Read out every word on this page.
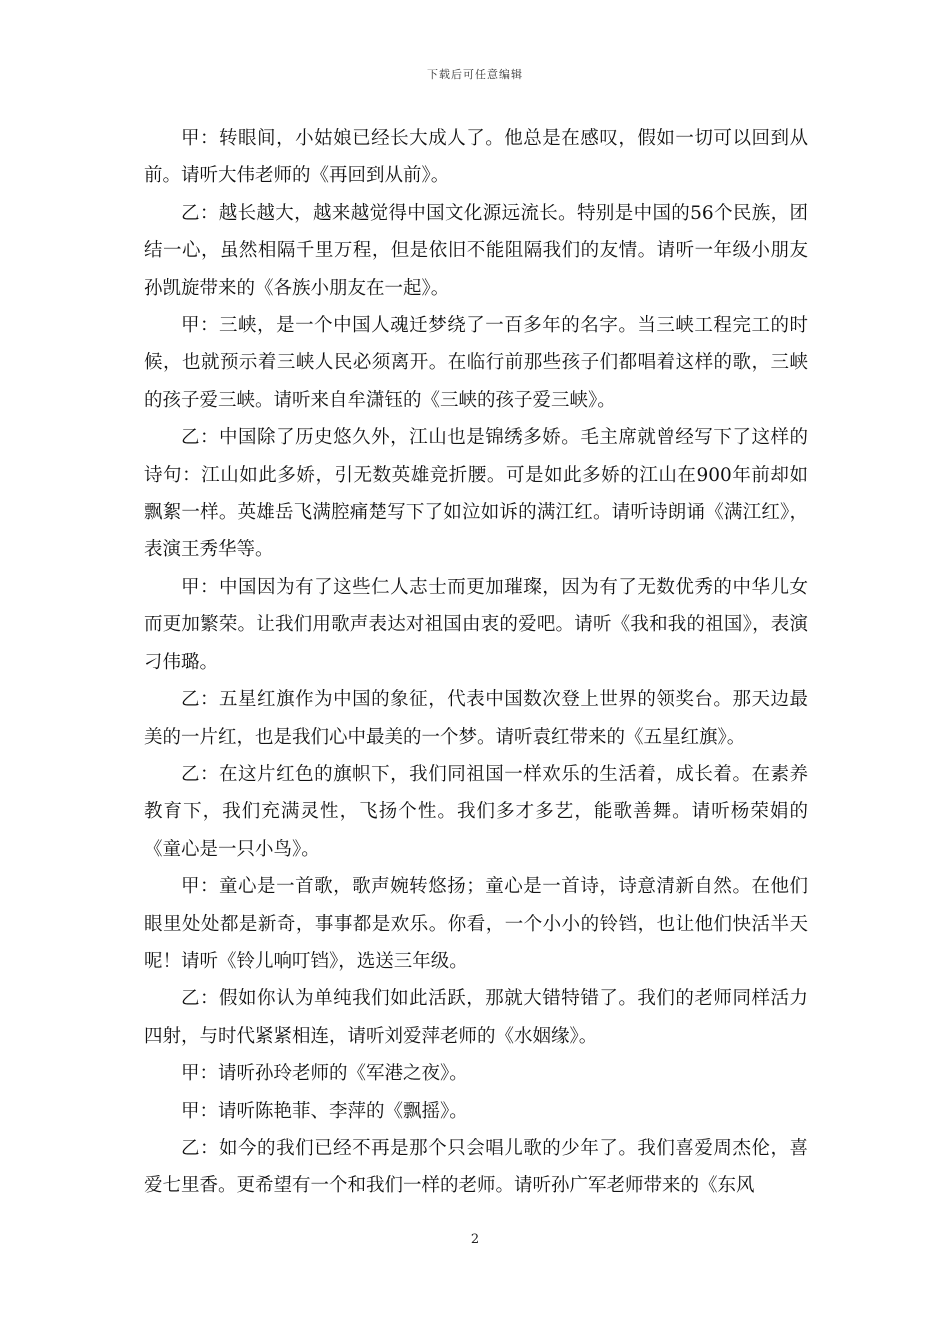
下载后可任意编辑

甲：转眼间，小姑娘已经长大成人了。他总是在感叹，假如一切可以回到从前。请听大伟老师的《再回到从前》。

乙：越长越大，越来越觉得中国文化源远流长。特别是中国的56个民族，团结一心，虽然相隔千里万程，但是依旧不能阻隔我们的友情。请听一年级小朋友孙凯旋带来的《各族小朋友在一起》。

甲：三峡，是一个中国人魂迁梦绕了一百多年的名字。当三峡工程完工的时候，也就预示着三峡人民必须离开。在临行前那些孩子们都唱着这样的歌，三峡的孩子爱三峡。请听来自牟潇钰的《三峡的孩子爱三峡》。

乙：中国除了历史悠久外，江山也是锦绣多娇。毛主席就曾经写下了这样的诗句：江山如此多娇，引无数英雄竞折腰。可是如此多娇的江山在900年前却如飘絮一样。英雄岳飞满腔痛楚写下了如泣如诉的满江红。请听诗朗诵《满江红》，表演王秀华等。

甲：中国因为有了这些仁人志士而更加璀璨，因为有了无数优秀的中华儿女而更加繁荣。让我们用歌声表达对祖国由衷的爱吧。请听《我和我的祖国》，表演刁伟璐。

乙：五星红旗作为中国的象征，代表中国数次登上世界的领奖台。那天边最美的一片红，也是我们心中最美的一个梦。请听袁红带来的《五星红旗》。

乙：在这片红色的旗帜下，我们同祖国一样欢乐的生活着，成长着。在素养教育下，我们充满灵性，飞扬个性。我们多才多艺，能歌善舞。请听杨荣娟的《童心是一只小鸟》。

甲：童心是一首歌，歌声婉转悠扬；童心是一首诗，诗意清新自然。在他们眼里处处都是新奇，事事都是欢乐。你看，一个小小的铃铛，也让他们快活半天呢！请听《铃儿响叮铛》，选送三年级。

乙：假如你认为单纯我们如此活跃，那就大错特错了。我们的老师同样活力四射，与时代紧紧相连，请听刘爱萍老师的《水姻缘》。

甲：请听孙玲老师的《军港之夜》。

甲：请听陈艳菲、李萍的《飘摇》。

乙：如今的我们已经不再是那个只会唱儿歌的少年了。我们喜爱周杰伦，喜爱七里香。更希望有一个和我们一样的老师。请听孙广军老师带来的《东风

2
